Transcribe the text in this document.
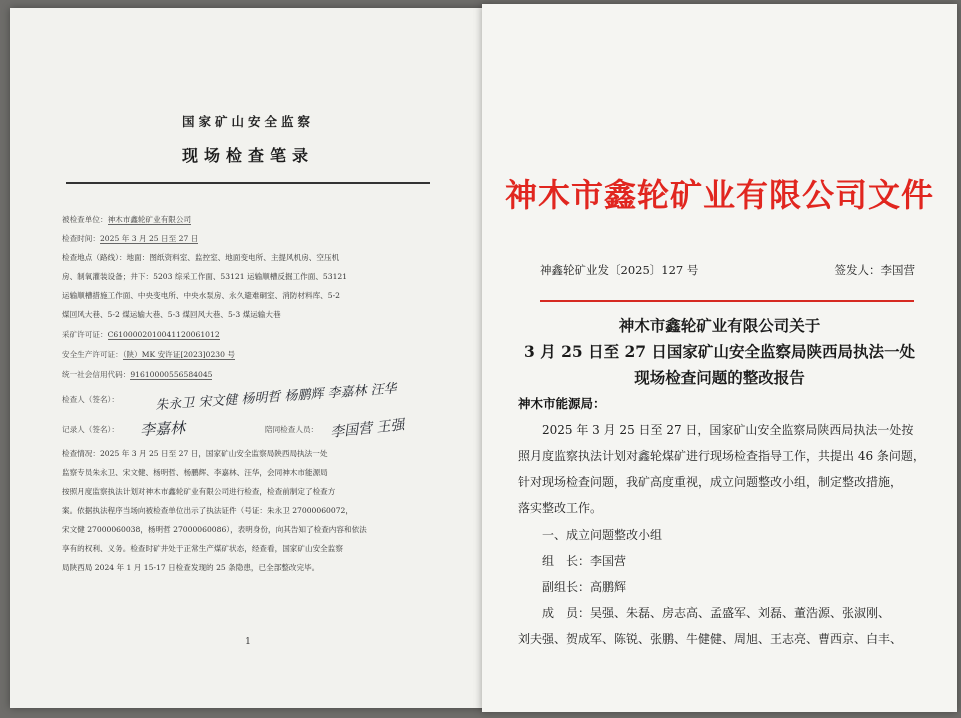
国家矿山安全监察
现场检查笔录
被检查单位：神木市鑫轮矿业有限公司
检查时间：2025 年 3 月 25 日至 27 日
检查地点（路线）：地面：图纸资料室、监控室、地面变电所、主提风机房、空压机
房、制氧灌装设备；井下：5203 综采工作面、53121 运输顺槽反掘工作面、53121
运输顺槽措施工作面、中央变电所、中央水泵房、永久避难硐室、消防材料库、5-2
煤回风大巷、5-2 煤运输大巷、5-3 煤回风大巷、5-3 煤运输大巷
采矿许可证：C6100002010041120061012
安全生产许可证：（陕）MK 安许证[2023]0230 号
统一社会信用代码：91610000556584045
检查人（签名）：	朱永卫 宋文健 杨明哲 杨鹏辉 李嘉林 汪华
记录人（签名）：	李嘉林	陪同检查人员： 李国营 王强
检查情况：2025 年 3 月 25 日至 27 日，国家矿山安全监察局陕西局执法一处
监察专员朱永卫、宋文健、杨明哲、杨鹏辉、李嘉林、汪华，会同神木市能源局
按照月度监察执法计划对神木市鑫轮矿业有限公司进行检查，检查前制定了检查方
案。依据执法程序当场向被检查单位出示了执法证件（号证：朱永卫 27000060072，
宋文健 27000060038，杨明哲 27000060086），表明身份，向其告知了检查内容和依法
享有的权利、义务。检查时矿井处于正常生产煤矿状态，经查看，国家矿山安全监察
局陕西局 2024 年 1 月 15-17 日检查发现的 25 条隐患，已全部整改完毕。
1
神木市鑫轮矿业有限公司文件
神鑫轮矿业发〔2025〕127 号	签发人：李国营
神木市鑫轮矿业有限公司关于
3 月 25 日至 27 日国家矿山安全监察局陕西局执法一处
现场检查问题的整改报告
神木市能源局：
2025 年 3 月 25 日至 27 日，国家矿山安全监察局陕西局执法一处按
照月度监察执法计划对鑫轮煤矿进行现场检查指导工作，共提出 46 条问题，
针对现场检查问题，我矿高度重视，成立问题整改小组，制定整改措施，
落实整改工作。
一、成立问题整改小组
组　长：李国营
副组长：高鹏辉
成　员：吴强、朱磊、房志高、孟盛军、刘磊、董浩源、张淑刚、
刘夫强、贺成军、陈锐、张鹏、牛健健、周旭、王志亮、曹西京、白丰、
